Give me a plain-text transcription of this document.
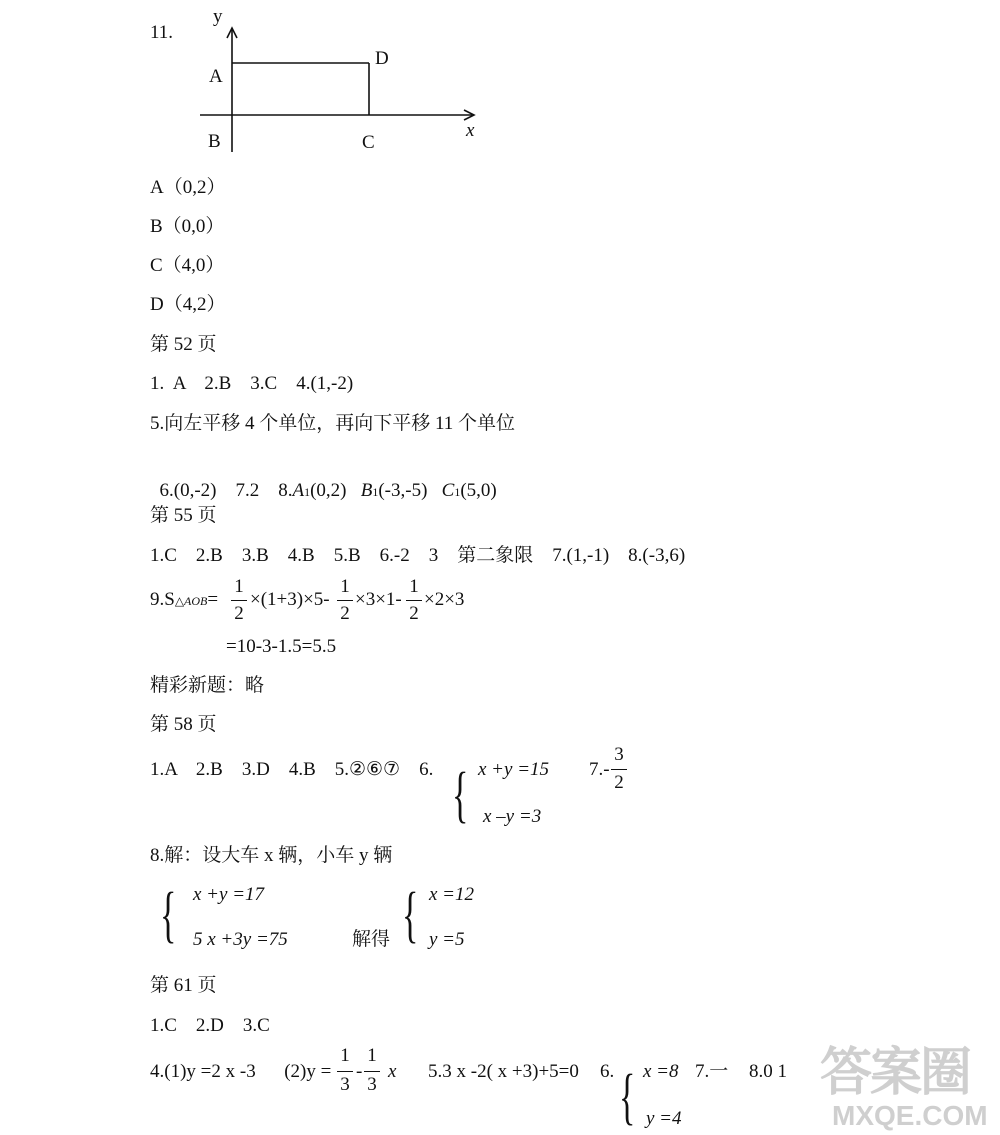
11.
y
x
A
B	C
D
A（0,2）
B（0,0）
C（4,0）
D（4,2）
第 52 页
1.  A    2.B    3.C    4.(1,-2)
5.向左平移 4 个单位，再向下平移 11 个单位

6.(0,-2)    7.2    8.A1(0,2) B1(-3,-5) C1(5,0)

第 55 页
1.C    2.B    3.B    4.B    5.B    6.-2    3    第二象限    7.(1,-1)    8.(-3,6)
9.S△AOB=
1
2
×(1+3)×5-
1
2
×3×1-
1
2
×2×3
=10-3-1.5=5.5
精彩新题：略
第 58 页
1.A    2.B    3.D    4.B    5.②⑥⑦    6. { x +y =15
x –y =3
7.-
3
2
8.解：设大车 x 辆，小车 y 辆
{ x +y =17
5 x +3y =75	解得 { x =12
y =5
第 61 页
1.C    2.D    3.C
4.(1)y =2 x -3      (2)y =
1
3
-
1
3
x 5.3 x -2( x +3)+5=0 6. { x =8
y =4
7.一 8.0 1 答案圈
MXQE.COM
